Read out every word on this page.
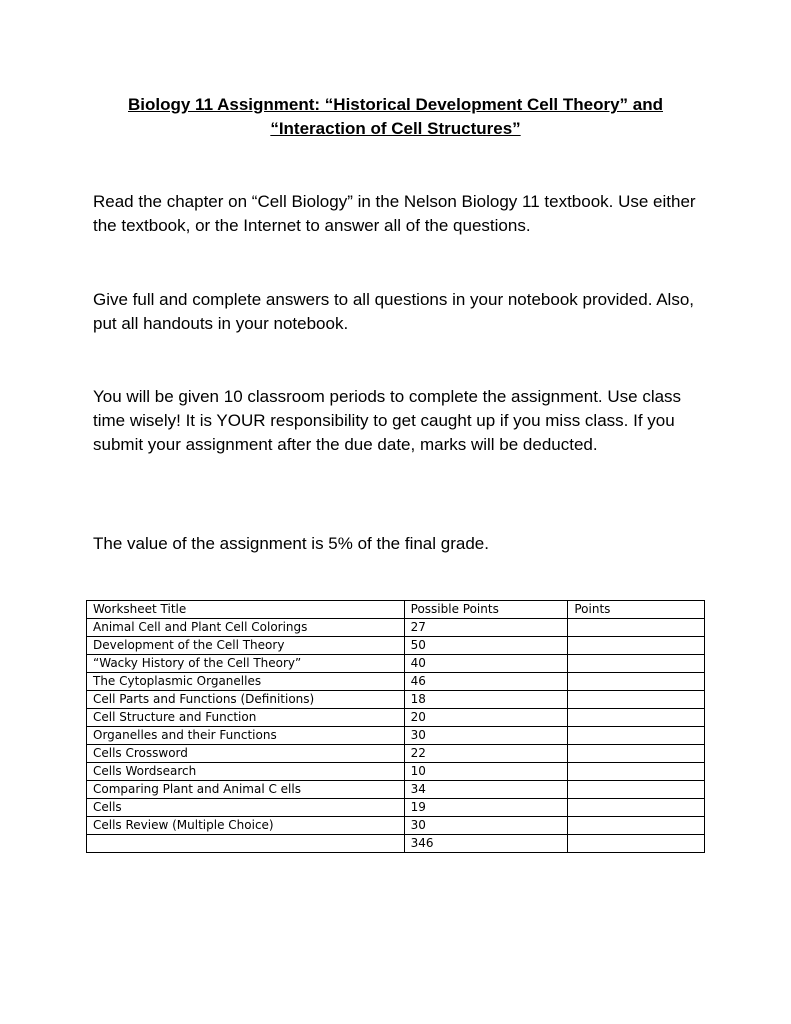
Biology 11 Assignment: “Historical Development Cell Theory” and
“Interaction of Cell Structures”
Read the chapter on “Cell Biology” in the Nelson Biology 11 textbook. Use either the textbook, or the Internet to answer all of the questions.
Give full and complete answers to all questions in your notebook provided. Also, put all handouts in your notebook.
You will be given 10 classroom periods to complete the assignment. Use class time wisely! It is YOUR responsibility to get caught up if you miss class. If you submit your assignment after the due date, marks will be deducted.
The value of the assignment is 5% of the final grade.
Worksheet Title	Possible Points	Points
Animal Cell and Plant Cell Colorings	27	
Development of the Cell Theory	50	
“Wacky History of the Cell Theory”	40	
The Cytoplasmic Organelles	46	
Cell Parts and Functions (Definitions)	18	
Cell Structure and Function	20	
Organelles and their Functions	30	
Cells Crossword	22	
Cells Wordsearch	10	
Comparing Plant and Animal C ells	34	
Cells	19	
Cells Review (Multiple Choice)	30	
	346	
